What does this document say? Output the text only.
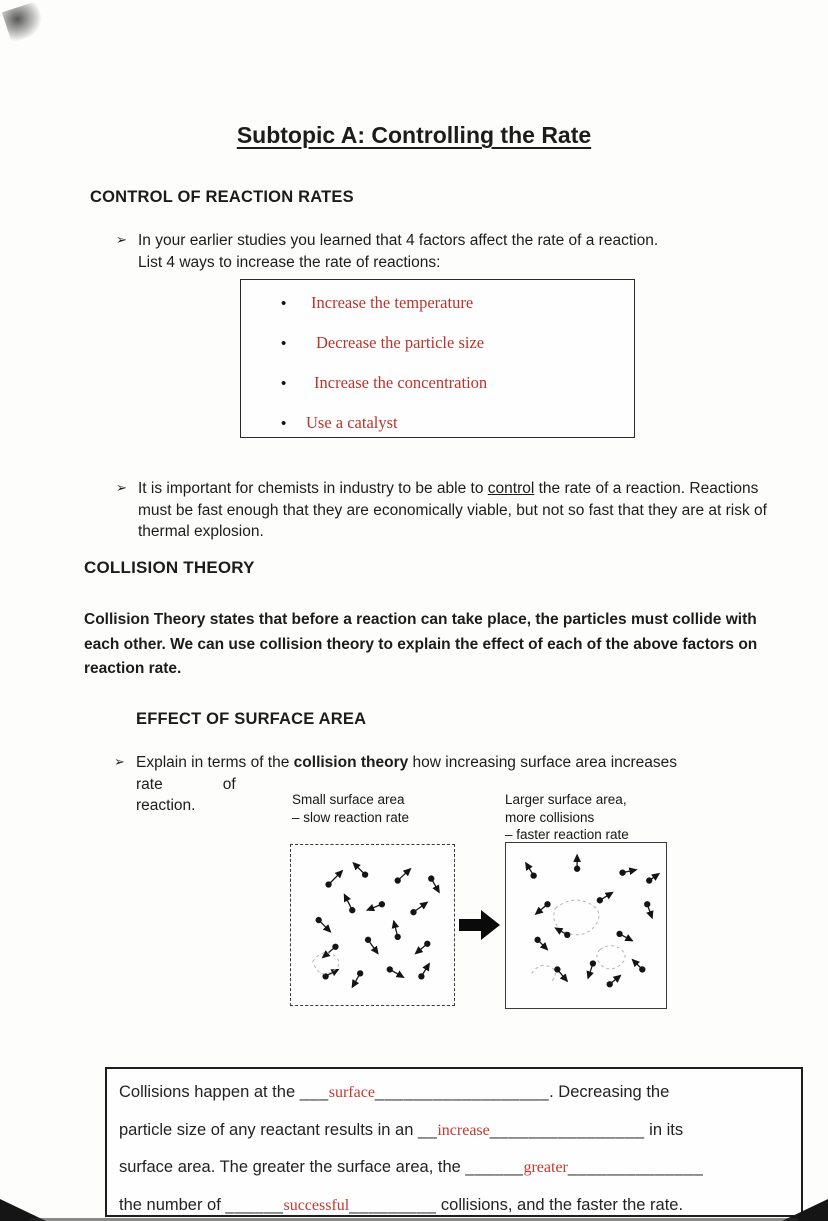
Subtopic A: Controlling the Rate
CONTROL OF REACTION RATES
➢ In your earlier studies you learned that 4 factors affect the rate of a reaction.
List 4 ways to increase the rate of reactions:

•	Increase the temperature
•	Decrease the particle size
•	Increase the concentration
•	Use a catalyst
➢ It is important for chemists in industry to be able to control the rate of a reaction. Reactions must be fast enough that they are economically viable, but not so fast that they are at risk of thermal explosion.

COLLISION THEORY

Collision Theory states that before a reaction can take place, the particles must collide with each other. We can use collision theory to explain the effect of each of the above factors on reaction rate.

EFFECT OF SURFACE AREA
➢ Explain in terms of the collision theory how increasing surface area increases

rate	of

reaction.	Small surface area
– slow reaction rate
Larger surface area,
more collisions
– faster reaction rate

Collisions happen at the ___surface__________________. Decreasing the

particle size of any reactant results in an __increase________________ in its

surface area. The greater the surface area, the ______greater______________

the number of ______successful_________ collisions, and the faster the rate.
